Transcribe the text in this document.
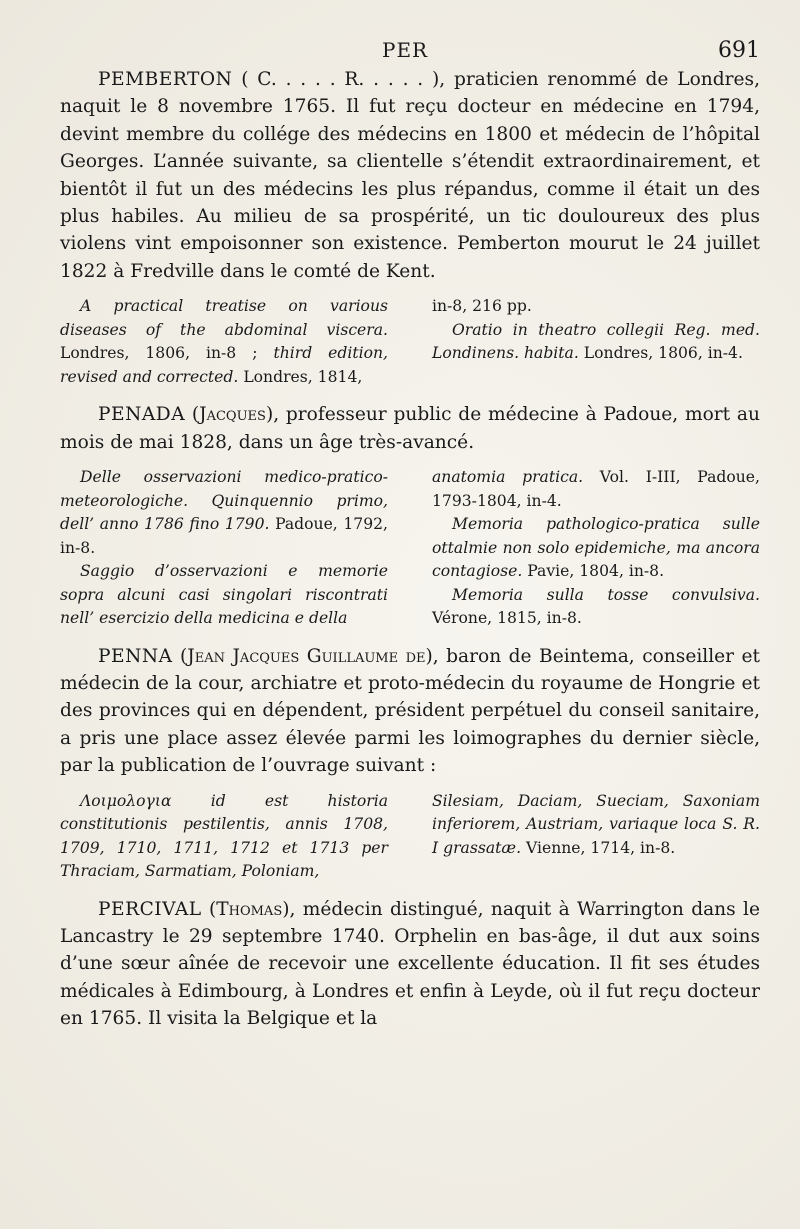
PER	691

PEMBERTON ( C. . . . . R. . . . . ), praticien renommé de Londres, naquit le 8 novembre 1765. Il fut reçu docteur en médecine en 1794, devint membre du collége des médecins en 1800 et médecin de l’hôpital Georges. L’année suivante, sa clientelle s’étendit extraordinairement, et bientôt il fut un des médecins les plus répandus, comme il était un des plus habiles. Au milieu de sa prospérité, un tic douloureux des plus violens vint empoisonner son existence. Pemberton mourut le 24 juillet 1822 à Fredville dans le comté de Kent.

A practical treatise on various diseases of the abdominal viscera. Londres, 1806, in-8 ; third edition, revised and corrected. Londres, 1814,

in-8, 216 pp.

Oratio in theatro collegii Reg. med. Londinens. habita. Londres, 1806, in-4.

PENADA (Jacques), professeur public de médecine à Padoue, mort au mois de mai 1828, dans un âge très-avancé.

Delle osservazioni medico-pratico-meteorologiche. Quinquennio primo, dell’ anno 1786 fino 1790. Padoue, 1792, in-8.

Saggio d’osservazioni e memorie sopra alcuni casi singolari riscontrati nell’ esercizio della medicina e della

anatomia pratica. Vol. I-III, Padoue, 1793-1804, in-4.

Memoria pathologico-pratica sulle ottalmie non solo epidemiche, ma ancora contagiose. Pavie, 1804, in-8.

Memoria sulla tosse convulsiva. Vérone, 1815, in-8.

PENNA (Jean Jacques Guillaume de), baron de Beintema, conseiller et médecin de la cour, archiatre et proto-médecin du royaume de Hongrie et des provinces qui en dépendent, président perpétuel du conseil sanitaire, a pris une place assez élevée parmi les loimographes du dernier siècle, par la publication de l’ouvrage suivant :

Λοιμολογια id est historia constitutionis pestilentis, annis 1708, 1709, 1710, 1711, 1712 et 1713 per Thraciam, Sarmatiam, Poloniam,

Silesiam, Daciam, Sueciam, Saxoniam inferiorem, Austriam, variaque loca S. R. I grassatæ. Vienne, 1714, in-8.

PERCIVAL (Thomas), médecin distingué, naquit à Warrington dans le Lancastry le 29 septembre 1740. Orphelin en bas-âge, il dut aux soins d’une sœur aînée de recevoir une excellente éducation. Il fit ses études médicales à Edimbourg, à Londres et enfin à Leyde, où il fut reçu docteur en 1765. Il visita la Belgique et la
